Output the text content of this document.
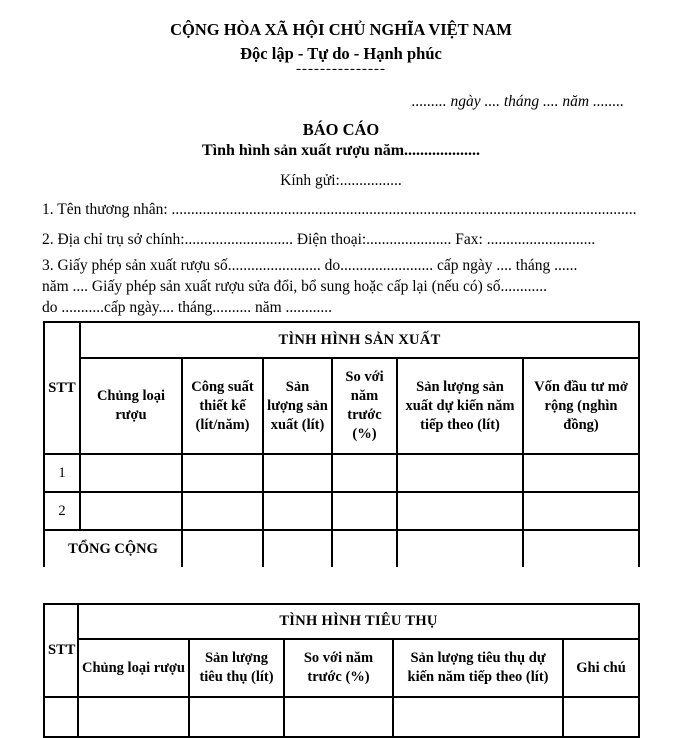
CỘNG HÒA XÃ HỘI CHỦ NGHĨA VIỆT NAM
Độc lập - Tự do - Hạnh phúc
---------------
......... ngày .... tháng .... năm ........
BÁO CÁO
Tình hình sản xuất rượu năm...................
Kính gửi:................
1. Tên thương nhân: ........................................................................................................................
2. Địa chỉ trụ sở chính:............................ Điện thoại:...................... Fax: ............................
3. Giấy phép sản xuất rượu số........................ do........................ cấp ngày .... tháng ......
năm .... Giấy phép sản xuất rượu sửa đổi, bổ sung hoặc cấp lại (nếu có) số............
do ...........cấp ngày.... tháng.......... năm ............
STT	TÌNH HÌNH SẢN XUẤT					
	Chủng loại rượu	Công suất thiết kế (lít/năm)	Sản lượng sản xuất (lít)	So với năm trước (%)	Sản lượng sản xuất dự kiến năm tiếp theo (lít)	Vốn đầu tư mở rộng (nghìn đồng)
1						
2						
TỔNG CỘNG						
STT	TÌNH HÌNH TIÊU THỤ				
	Chủng loại rượu	Sản lượng tiêu thụ (lít)	So với năm trước (%)	Sản lượng tiêu thụ dự kiến năm tiếp theo (lít)	Ghi chú
